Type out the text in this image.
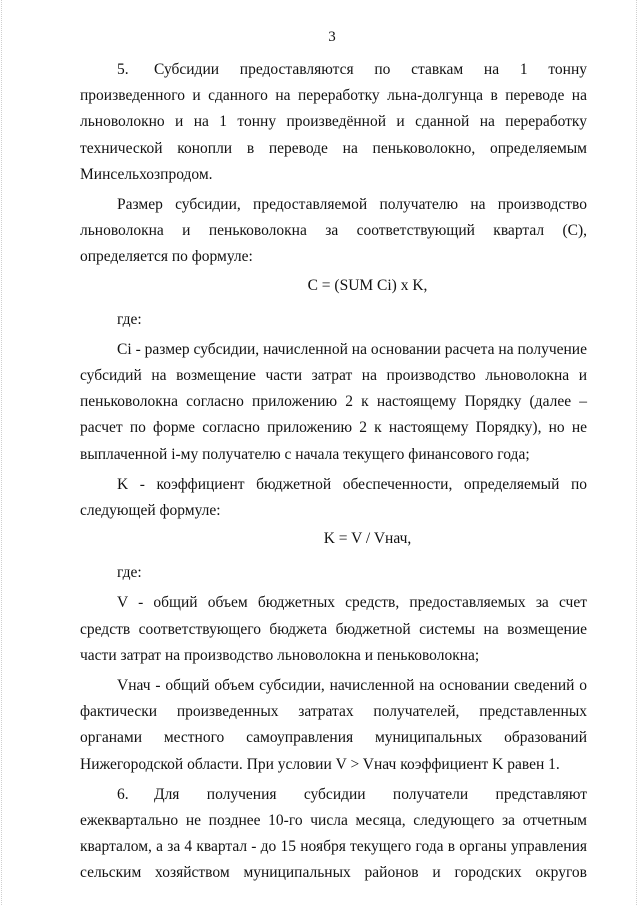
3

5. Субсидии предоставляются по ставкам на 1 тонну произведенного и сданного на переработку льна-долгунца в переводе на льноволокно и на 1 тонну произведённой и сданной на переработку технической конопли в переводе на пеньковолокно, определяемым Минсельхозпродом.

Размер субсидии, предоставляемой получателю на производство льноволокна и пеньковолокна за соответствующий квартал (C), определяется по формуле:

C = (SUM Ci) x K,

где:

Ci - размер субсидии, начисленной на основании расчета на получение субсидий на возмещение части затрат на производство льноволокна и пеньковолокна согласно приложению 2 к настоящему Порядку (далее – расчет по форме согласно приложению 2 к настоящему Порядку), но не выплаченной i-му получателю с начала текущего финансового года;

K - коэффициент бюджетной обеспеченности, определяемый по следующей формуле:

K = V / Vнач,

где:

V - общий объем бюджетных средств, предоставляемых за счет средств соответствующего бюджета бюджетной системы на возмещение части затрат на производство льноволокна и пеньковолокна;

Vнач - общий объем субсидии, начисленной на основании сведений о фактически произведенных затратах получателей, представленных органами местного самоуправления муниципальных образований Нижегородской области. При условии V > Vнач коэффициент K равен 1.

6. Для получения субсидии получатели представляют ежеквартально не позднее 10-го числа месяца, следующего за отчетным кварталом, а за 4 квартал - до 15 ноября текущего года в органы управления сельским хозяйством муниципальных районов и городских округов
